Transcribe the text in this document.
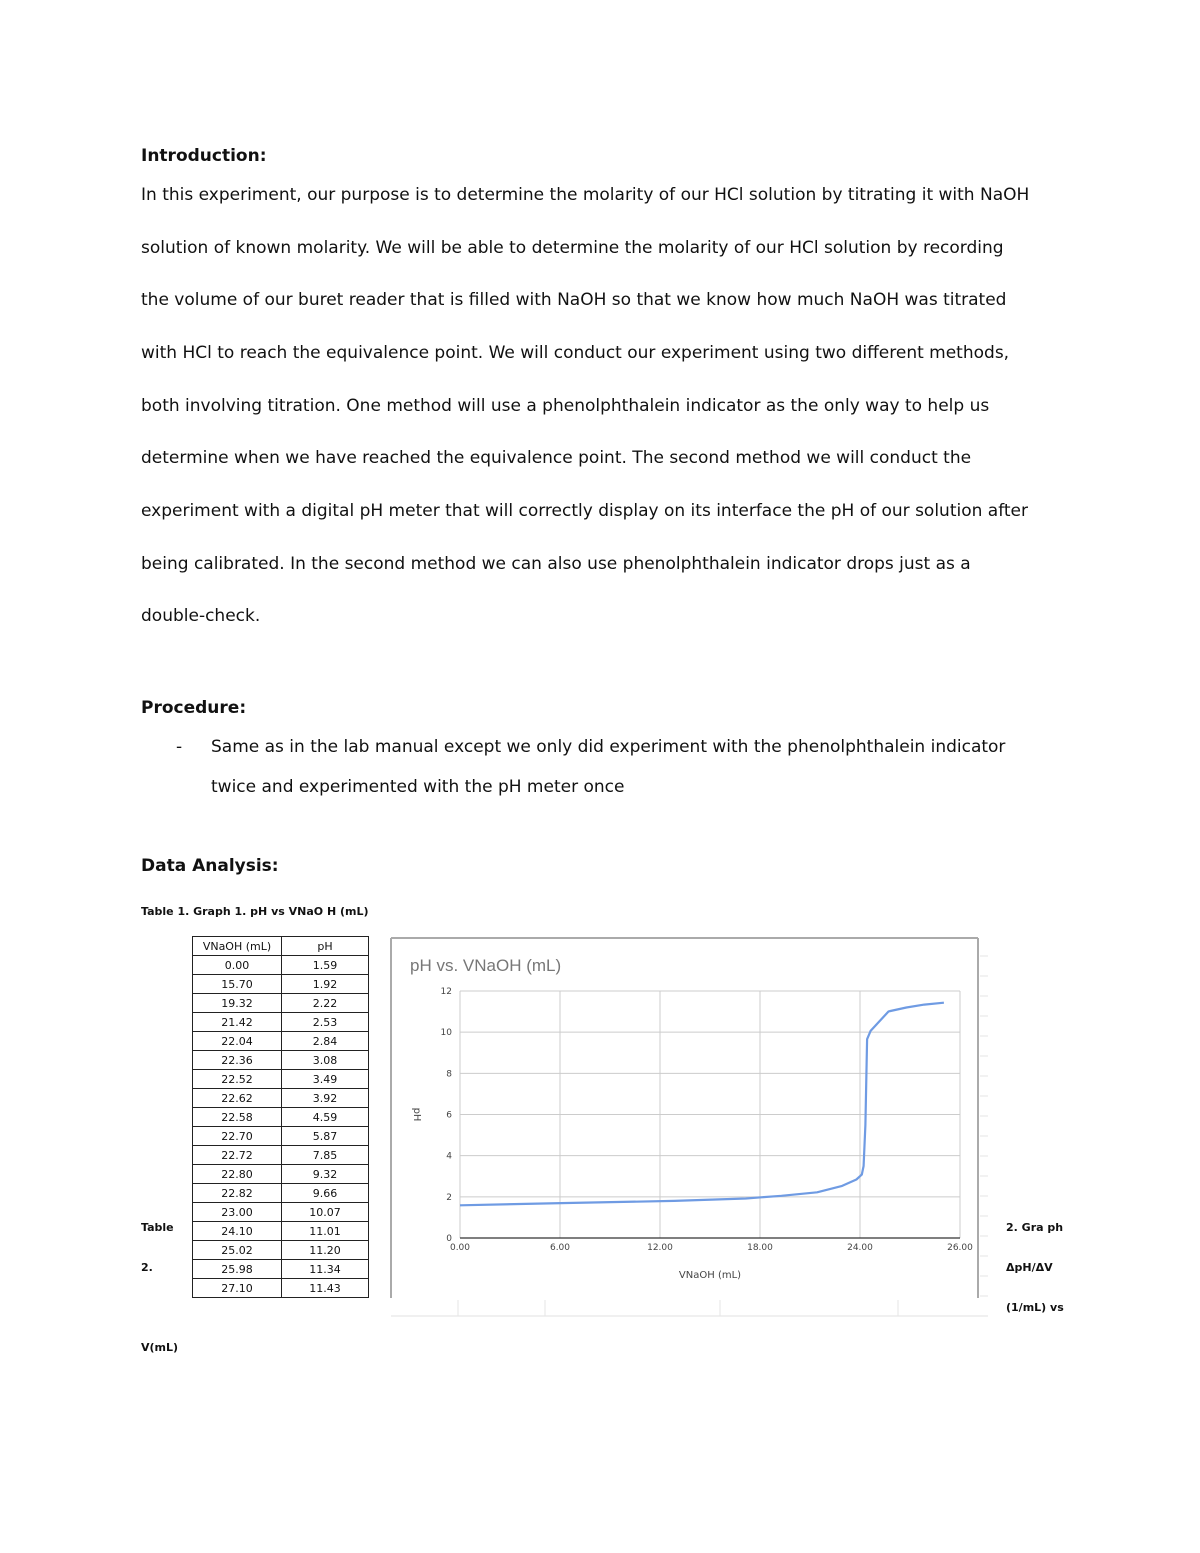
Introduction:
In this experiment, our purpose is to determine the molarity of our HCl solution by titrating it with NaOH
solution of known molarity. We will be able to determine the molarity of our HCl solution by recording
the volume of our buret reader that is filled with NaOH so that we know how much NaOH was titrated
with HCl to reach the equivalence point. We will conduct our experiment using two different methods,
both involving titration. One method will use a phenolphthalein indicator as the only way to help us
determine when we have reached the equivalence point. The second method we will conduct the
experiment with a digital pH meter that will correctly display on its interface the pH of our solution after
being calibrated. In the second method we can also use phenolphthalein indicator drops just as a
double-check.
Procedure:
- Same as in the lab manual except we only did experiment with the phenolphthalein indicator
twice and experimented with the pH meter once
Data Analysis:
Table 1. Graph 1. pH vs VNaO H (mL)
Table
2.
2. Gra ph
ΔpH/ΔV
(1/mL) vs
V(mL)
VNaOH (mL)	pH
0.00	1.59
15.70	1.92
19.32	2.22
21.42	2.53
22.04	2.84
22.36	3.08
22.52	3.49
22.62	3.92
22.58	4.59
22.70	5.87
22.72	7.85
22.80	9.32
22.82	9.66
23.00	10.07
24.10	11.01
25.02	11.20
25.98	11.34
27.10	11.43
pH vs. VNaOH (mL)
0
2
4
6
8
10
12
0.00	6.00	12.00	18.00	24.00	26.00
VNaOH (mL)
pH
